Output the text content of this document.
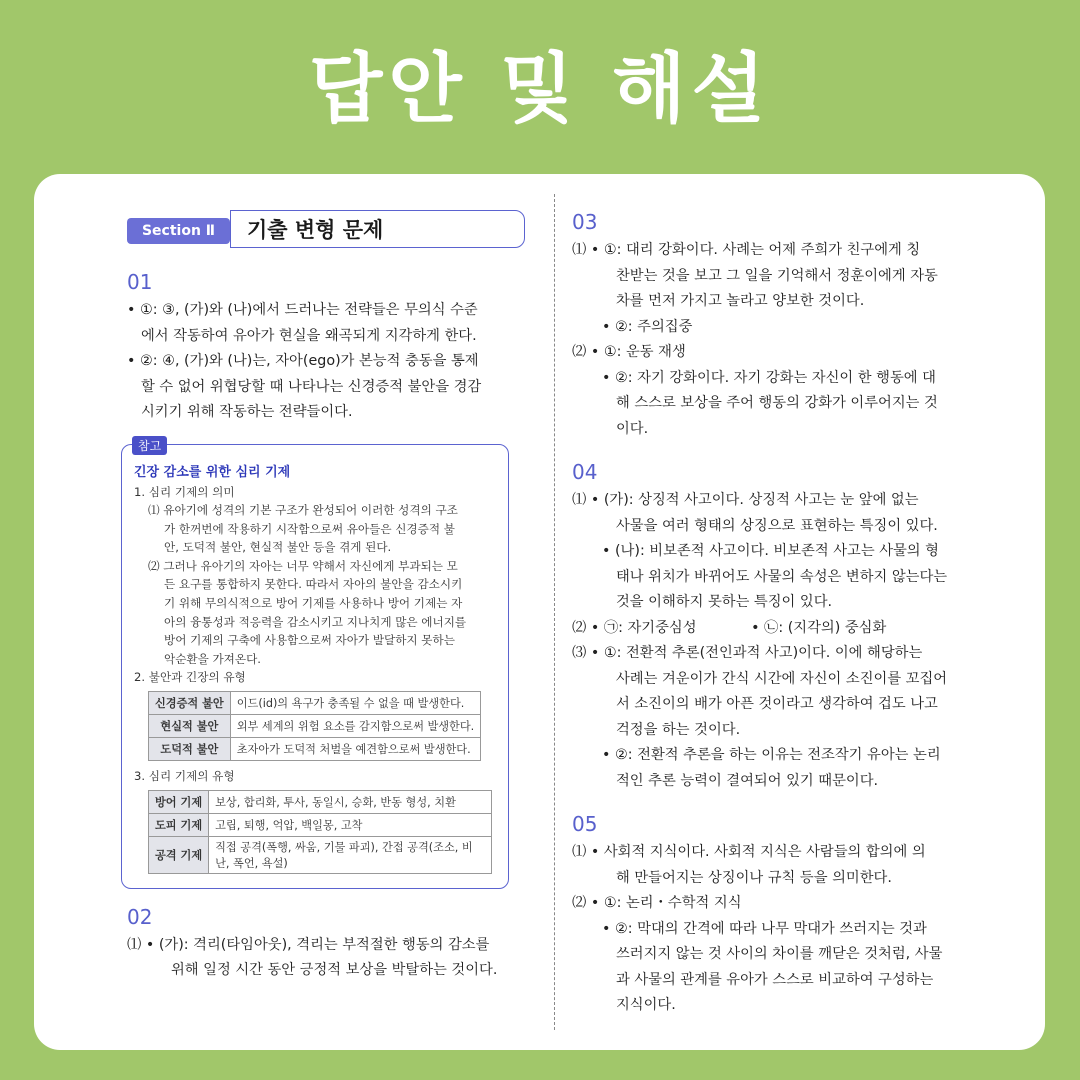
답안 및 해설
Section Ⅱ	기출 변형 문제
01
• ①: ③, (가)와 (나)에서 드러나는 전략들은 무의식 수준
에서 작동하여 유아가 현실을 왜곡되게 지각하게 한다.
• ②: ④, (가)와 (나)는, 자아(ego)가 본능적 충동을 통제
할 수 없어 위협당할 때 나타나는 신경증적 불안을 경감
시키기 위해 작동하는 전략들이다.
참고
긴장 감소를 위한 심리 기제
1. 심리 기제의 의미
⑴ 유아기에 성격의 기본 구조가 완성되어 이러한 성격의 구조
가 한꺼번에 작용하기 시작함으로써 유아들은 신경증적 불
안, 도덕적 불안, 현실적 불안 등을 겪게 된다.
⑵ 그러나 유아기의 자아는 너무 약해서 자신에게 부과되는 모
든 요구를 통합하지 못한다. 따라서 자아의 불안을 감소시키
기 위해 무의식적으로 방어 기제를 사용하나 방어 기제는 자
아의 융통성과 적응력을 감소시키고 지나치게 많은 에너지를
방어 기제의 구축에 사용함으로써 자아가 발달하지 못하는
악순환을 가져온다.
2. 불안과 긴장의 유형
신경증적 불안	이드(id)의 욕구가 충족될 수 없을 때 발생한다.
현실적 불안	외부 세계의 위험 요소를 감지함으로써 발생한다.
도덕적 불안	초자아가 도덕적 처벌을 예견함으로써 발생한다.
3. 심리 기제의 유형
방어 기제	보상, 합리화, 투사, 동일시, 승화, 반동 형성, 치환
도피 기제	고립, 퇴행, 억압, 백일몽, 고착
공격 기제	직접 공격(폭행, 싸움, 기물 파괴), 간접 공격(조소, 비난, 폭언, 욕설)
02
⑴ • (가): 격리(타임아웃), 격리는 부적절한 행동의 감소를
위해 일정 시간 동안 긍정적 보상을 박탈하는 것이다.
03
⑴ • ①: 대리 강화이다. 사례는 어제 주희가 친구에게 칭
찬받는 것을 보고 그 일을 기억해서 정훈이에게 자동
차를 먼저 가지고 놀라고 양보한 것이다.
• ②: 주의집중
⑵ • ①: 운동 재생
• ②: 자기 강화이다. 자기 강화는 자신이 한 행동에 대
해 스스로 보상을 주어 행동의 강화가 이루어지는 것
이다.
04
⑴ • (가): 상징적 사고이다. 상징적 사고는 눈 앞에 없는
사물을 여러 형태의 상징으로 표현하는 특징이 있다.
• (나): 비보존적 사고이다. 비보존적 사고는 사물의 형
태나 위치가 바뀌어도 사물의 속성은 변하지 않는다는
것을 이해하지 못하는 특징이 있다.
⑵ • ㉠: 자기중심성            • ㉡: (지각의) 중심화
⑶ • ①: 전환적 추론(전인과적 사고)이다. 이에 해당하는
사례는 겨운이가 간식 시간에 자신이 소진이를 꼬집어
서 소진이의 배가 아픈 것이라고 생각하여 겁도 나고
걱정을 하는 것이다.
• ②: 전환적 추론을 하는 이유는 전조작기 유아는 논리
적인 추론 능력이 결여되어 있기 때문이다.
05
⑴ • 사회적 지식이다. 사회적 지식은 사람들의 합의에 의
해 만들어지는 상징이나 규칙 등을 의미한다.
⑵ • ①: 논리・수학적 지식
• ②: 막대의 간격에 따라 나무 막대가 쓰러지는 것과
쓰러지지 않는 것 사이의 차이를 깨닫은 것처럼, 사물
과 사물의 관계를 유아가 스스로 비교하여 구성하는
지식이다.
